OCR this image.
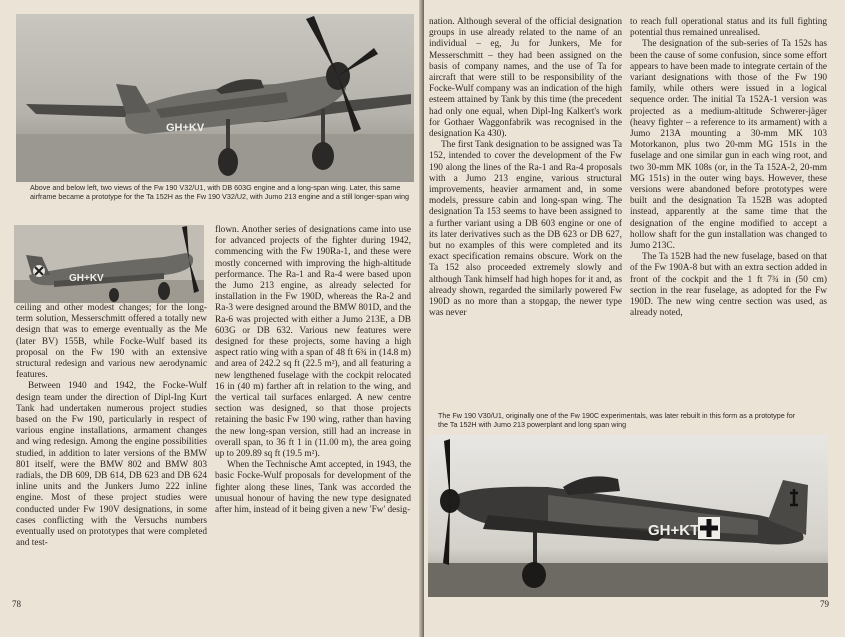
GH+KV
Above and below left, two views of the Fw 190 V32/U1, with DB 603G engine and a long-span wing. Later, this same airframe became a prototype for the Ta 152H as the Fw 190 V32/U2, with Jumo 213 engine and a still longer-span wing
GH+KV

ceiling and other modest changes; for the long-term solution, Messerschmitt offered a totally new design that was to emerge eventually as the Me (later BV) 155B, while Focke-Wulf based its proposal on the Fw 190 with an extensive structural redesign and various new aerodynamic features.

Between 1940 and 1942, the Focke-Wulf design team under the direction of Dipl-Ing Kurt Tank had undertaken numerous project studies based on the Fw 190, particularly in respect of various engine installations, armament changes and wing redesign. Among the engine possibilities studied, in addition to later versions of the BMW 801 itself, were the BMW 802 and BMW 803 radials, the DB 609, DB 614, DB 623 and DB 624 inline units and the Junkers Jumo 222 inline engine. Most of these project studies were conducted under Fw 190V designations, in some cases conflicting with the Versuchs numbers eventually used on prototypes that were completed and test-

flown. Another series of designations came into use for advanced projects of the fighter during 1942, commencing with the Fw 190Ra-1, and these were mostly concerned with improving the high-altitude performance. The Ra-1 and Ra-4 were based upon the Jumo 213 engine, as already selected for installation in the Fw 190D, whereas the Ra-2 and Ra-3 were designed around the BMW 801D, and the Ra-6 was projected with either a Jumo 213E, a DB 603G or DB 632. Various new features were designed for these projects, some having a high aspect ratio wing with a span of 48 ft 6¾ in (14.8 m) and area of 242.2 sq ft (22.5 m²), and all featuring a new lengthened fuselage with the cockpit relocated 16 in (40 m) farther aft in relation to the wing, and the vertical tail surfaces enlarged. A new centre section was designed, so that those projects retaining the basic Fw 190 wing, rather than having the new long-span version, still had an increase in overall span, to 36 ft 1 in (11.00 m), the area going up to 209.89 sq ft (19.5 m²).

When the Technische Amt accepted, in 1943, the basic Focke-Wulf proposals for development of the fighter along these lines, Tank was accorded the unusual honour of having the new type designated after him, instead of it being given a new 'Fw' desig-

78

nation. Although several of the official designation groups in use already related to the name of an individual – eg, Ju for Junkers, Me for Messerschmitt – they had been assigned on the basis of company names, and the use of Ta for aircraft that were still to be responsibility of the Focke-Wulf company was an indication of the high esteem attained by Tank by this time (the precedent had only one equal, when Dipl-Ing Kalkert's work for Gothaer Waggonfabrik was recognised in the designation Ka 430).

The first Tank designation to be assigned was Ta 152, intended to cover the development of the Fw 190 along the lines of the Ra-1 and Ra-4 proposals with a Jumo 213 engine, various structural improvements, heavier armament and, in some models, pressure cabin and long-span wing. The designation Ta 153 seems to have been assigned to a further variant using a DB 603 engine or one of its later derivatives such as the DB 623 or DB 627, but no examples of this were completed and its exact specification remains obscure. Work on the Ta 152 also proceeded extremely slowly and although Tank himself had high hopes for it and, as already shown, regarded the similarly powered Fw 190D as no more than a stopgap, the newer type was never

to reach full operational status and its full fighting potential thus remained unrealised.

The designation of the sub-series of Ta 152s has been the cause of some confusion, since some effort appears to have been made to integrate certain of the variant designations with those of the Fw 190 family, while others were issued in a logical sequence order. The initial Ta 152A-1 version was projected as a medium-altitude Schwerer-jäger (heavy fighter – a reference to its armament) with a Jumo 213A mounting a 30-mm MK 103 Motorkanon, plus two 20-mm MG 151s in the fuselage and one similar gun in each wing root, and two 30-mm MK 108s (or, in the Ta 152A-2, 20-mm MG 151s) in the outer wing bays. However, these versions were abandoned before prototypes were built and the designation Ta 152B was adopted instead, apparently at the same time that the designation of the engine modified to accept a hollow shaft for the gun installation was changed to Jumo 213C.

The Ta 152B had the new fuselage, based on that of the Fw 190A-8 but with an extra section added in front of the cockpit and the 1 ft 7¾ in (50 cm) section in the rear fuselage, as adopted for the Fw 190D. The new wing centre section was used, as already noted,

The Fw 190 V30/U1, originally one of the Fw 190C experimentals, was later rebuilt in this form as a prototype for the Ta 152H with Jumo 213 powerplant and long span wing
GH+KT
79
